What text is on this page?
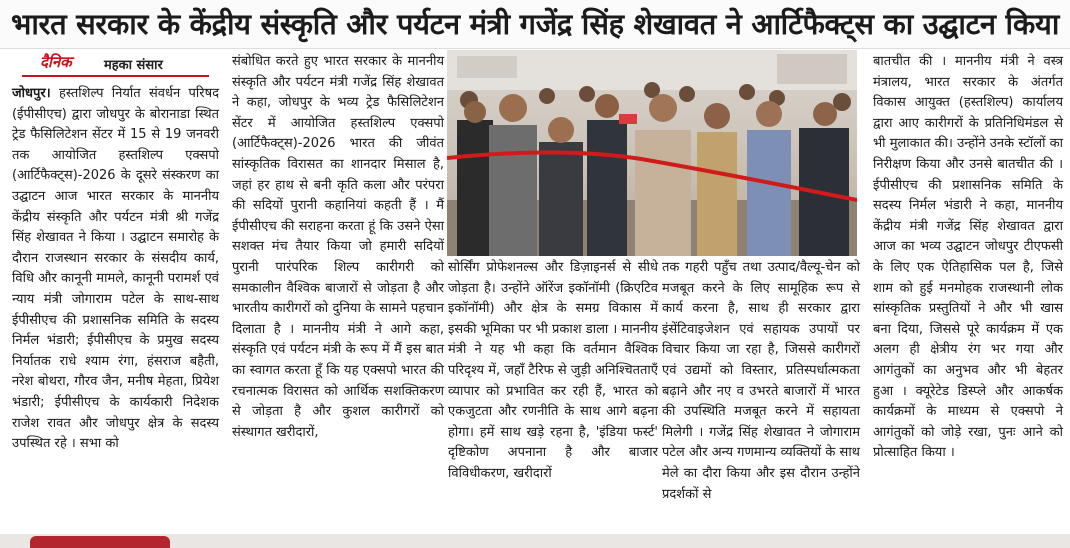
भारत सरकार के केंद्रीय संस्कृति और पर्यटन मंत्री गजेंद्र सिंह शेखावत ने आर्टिफैक्ट्स का उद्घाटन किया
दैनिक महका संसार

जोधपुर। हस्तशिल्प निर्यात संवर्धन परिषद (ईपीसीएच) द्वारा जोधपुर के बोरानाडा स्थित ट्रेड फैसिलिटेशन सेंटर में 15 से 19 जनवरी तक आयोजित हस्तशिल्प एक्सपो (आर्टिफैक्ट्स)-2026 के दूसरे संस्करण का उद्घाटन आज भारत सरकार के माननीय केंद्रीय संस्कृति और पर्यटन मंत्री श्री गजेंद्र सिंह शेखावत ने किया । उद्घाटन समारोह के दौरान राजस्थान सरकार के संसदीय कार्य, विधि और कानूनी मामले, कानूनी परामर्श एवं न्याय मंत्री जोगाराम पटेल के साथ-साथ ईपीसीएच की प्रशासनिक समिति के सदस्य निर्मल भंडारी; ईपीसीएच के प्रमुख सदस्य निर्यातक राधे श्याम रंगा, हंसराज बहैती, नरेश बोथरा, गौरव जैन, मनीष मेहता, प्रियेश भंडारी; ईपीसीएच के कार्यकारी निदेशक राजेश रावत और जोधपुर क्षेत्र के सदस्य उपस्थित रहे । सभा को

संबोधित करते हुए भारत सरकार के माननीय संस्कृति और पर्यटन मंत्री गजेंद्र सिंह शेखावत ने कहा, जोधपुर के भव्य ट्रेड फैसिलिटेशन सेंटर में आयोजित हस्तशिल्प एक्सपो (आर्टिफैक्ट्स)-2026 भारत की जीवंत सांस्कृतिक विरासत का शानदार मिसाल है, जहां हर हाथ से बनी कृति कला और परंपरा की सदियों पुरानी कहानियां कहती हैं । मैं ईपीसीएच की सराहना करता हूं कि उसने ऐसा सशक्त मंच तैयार किया जो हमारी सदियों पुरानी पारंपरिक शिल्प कारीगरी को समकालीन वैश्विक बाजारों से जोड़ता है और भारतीय कारीगरों को दुनिया के सामने पहचान दिलाता है । माननीय मंत्री ने आगे कहा, संस्कृति एवं पर्यटन मंत्री के रूप में मैं इस बात का स्वागत करता हूँ कि यह एक्सपो भारत की रचनात्मक विरासत को आर्थिक सशक्तिकरण से जोड़ता है और कुशल कारीगरों को संस्थागत खरीदारों,

सोर्सिंग प्रोफेशनल्स और डिज़ाइनर्स से सीधे जोड़ता है। उन्होंने ऑरेंज इकॉनॉमी (क्रिएटिव इकॉनॉमी) और क्षेत्र के समग्र विकास में इसकी भूमिका पर भी प्रकाश डाला । माननीय मंत्री ने यह भी कहा कि वर्तमान वैश्विक परिदृश्य में, जहाँ टैरिफ से जुड़ी अनिश्चितताएँ व्यापार को प्रभावित कर रही हैं, भारत को एकजुटता और रणनीति के साथ आगे बढ़ना होगा। हमें साथ खड़े रहना है, 'इंडिया फर्स्ट' दृष्टिकोण अपनाना है और बाजार विविधीकरण, खरीदारों

तक गहरी पहुँच तथा उत्पाद/वैल्यू-चेन को मजबूत करने के लिए सामूहिक रूप से कार्य करना है, साथ ही सरकार द्वारा इंसेंटिवाइजेशन एवं सहायक उपायों पर विचार किया जा रहा है, जिससे कारीगरों एवं उद्यमों को विस्तार, प्रतिस्पर्धात्मकता बढ़ाने और नए व उभरते बाजारों में भारत की उपस्थिति मजबूत करने में सहायता मिलेगी । गजेंद्र सिंह शेखावत ने जोगाराम पटेल और अन्य गणमान्य व्यक्तियों के साथ मेले का दौरा किया और इस दौरान उन्होंने प्रदर्शकों से

बातचीत की । माननीय मंत्री ने वस्त्र मंत्रालय, भारत सरकार के अंतर्गत विकास आयुक्त (हस्तशिल्प) कार्यालय द्वारा आए कारीगरों के प्रतिनिधिमंडल से भी मुलाकात की। उन्होंने उनके स्टॉलों का निरीक्षण किया और उनसे बातचीत की । ईपीसीएच की प्रशासनिक समिति के सदस्य निर्मल भंडारी ने कहा, माननीय केंद्रीय मंत्री गजेंद्र सिंह शेखावत द्वारा आज का भव्य उद्घाटन जोधपुर टीएफसी के लिए एक ऐतिहासिक पल है, जिसे शाम को हुई मनमोहक राजस्थानी लोक सांस्कृतिक प्रस्तुतियों ने और भी खास बना दिया, जिससे पूरे कार्यक्रम में एक अलग ही क्षेत्रीय रंग भर गया और आगंतुकों का अनुभव और भी बेहतर हुआ । क्यूरेटेड डिस्प्ले और आकर्षक कार्यक्रमों के माध्यम से एक्सपो ने आगंतुकों को जोड़े रखा, पुनः आने को प्रोत्साहित किया ।
